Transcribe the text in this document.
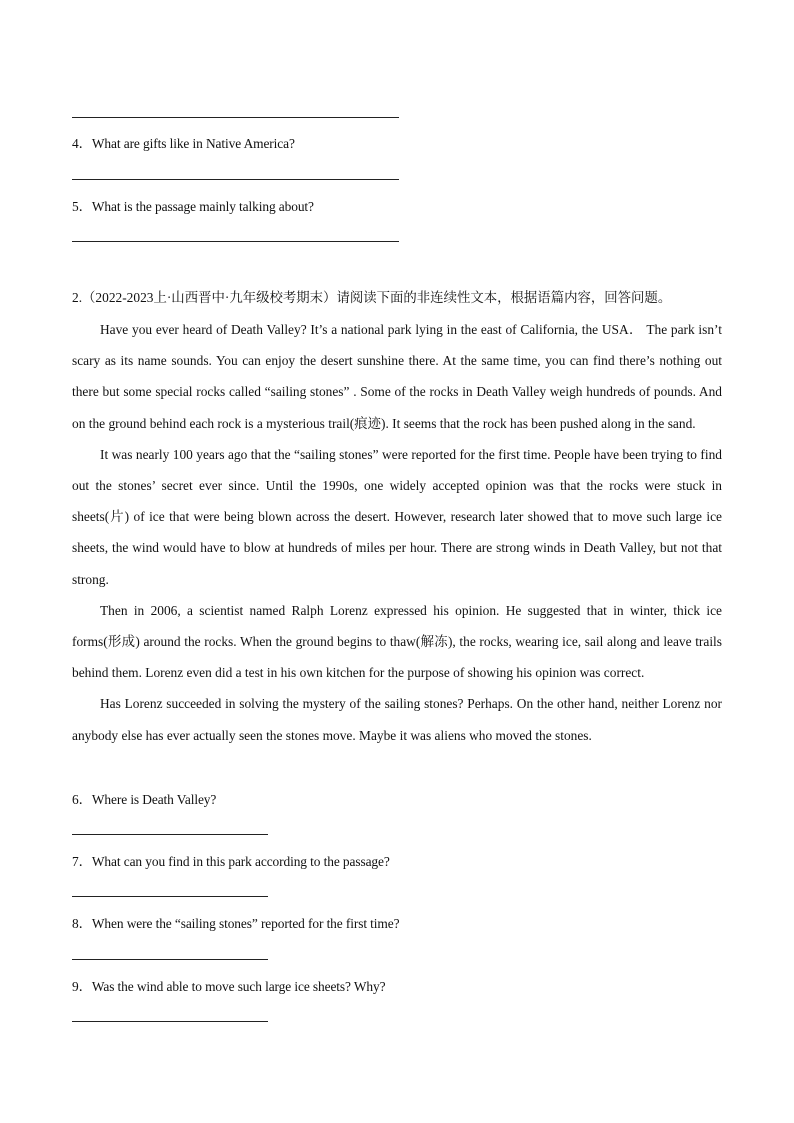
4．What are gifts like in Native America?
5．What is the passage mainly talking about?
2.（2022-2023上·山西晋中·九年级校考期末）请阅读下面的非连续性文本，根据语篇内容，回答问题。

Have you ever heard of Death Valley? It’s a national park lying in the east of California, the USA． The park isn’t scary as its name sounds. You can enjoy the desert sunshine there. At the same time, you can find there’s nothing out there but some special rocks called “sailing stones” . Some of the rocks in Death Valley weigh hundreds of pounds. And on the ground behind each rock is a mysterious trail(痕迹). It seems that the rock has been pushed along in the sand.

It was nearly 100 years ago that the “sailing stones” were reported for the first time. People have been trying to find out the stones’ secret ever since. Until the 1990s, one widely accepted opinion was that the rocks were stuck in sheets(片) of ice that were being blown across the desert. However, research later showed that to move such large ice sheets, the wind would have to blow at hundreds of miles per hour. There are strong winds in Death Valley, but not that strong.

Then in 2006, a scientist named Ralph Lorenz expressed his opinion. He suggested that in winter, thick ice forms(形成) around the rocks. When the ground begins to thaw(解冻), the rocks, wearing ice, sail along and leave trails behind them. Lorenz even did a test in his own kitchen for the purpose of showing his opinion was correct.

Has Lorenz succeeded in solving the mystery of the sailing stones? Perhaps. On the other hand, neither Lorenz nor anybody else has ever actually seen the stones move. Maybe it was aliens who moved the stones.

6．Where is Death Valley?
7．What can you find in this park according to the passage?
8．When were the “sailing stones” reported for the first time?
9．Was the wind able to move such large ice sheets? Why?
